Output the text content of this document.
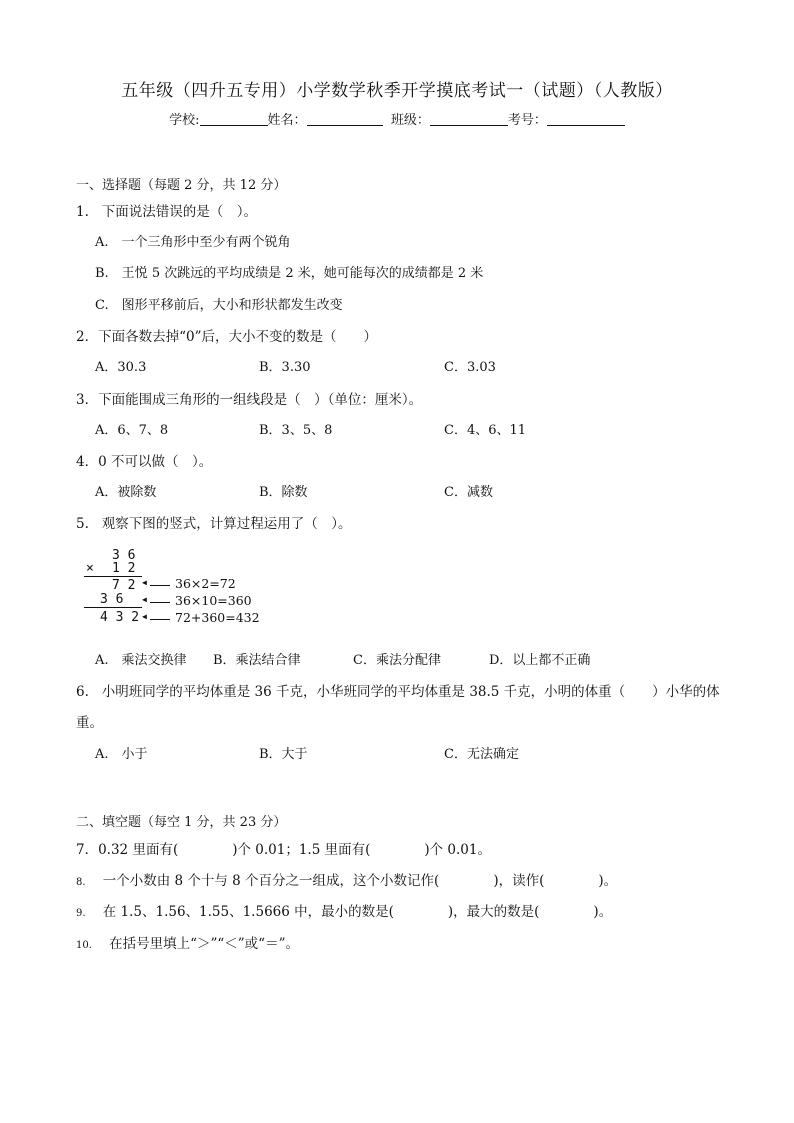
五年级（四升五专用）小学数学秋季开学摸底考试一（试题）（人教版）
学校:	姓名：	班级：	考号：
一、选择题（每题 2 分，共 12 分）
1. 下面说法错误的是（　）。
A.　一个三角形中至少有两个锐角
B.　王悦 5 次跳远的平均成绩是 2 米，她可能每次的成绩都是 2 米
C.　图形平移前后，大小和形状都发生改变
2．下面各数去掉“0”后，大小不变的数是（　　）
A．30.3	B．3.30	C．3.03
3．下面能围成三角形的一组线段是（　）（单位：厘米）。
A．6、7、8	B．3、5、8	C．4、6、11
4．0 不可以做（　）。
A．被除数	B．除数	C．减数
5. 观察下图的竖式，计算过程运用了（　）。
3 6
× 1 2
7 2
3 6
4 3 2
◀ 36×2=72
◀ 36×10=360
◀ 72+360=432
A.　乘法交换律 B．乘法结合律	C．乘法分配律	D．以上都不正确
6. 小明班同学的平均体重是 36 千克，小华班同学的平均体重是 38.5 千克，小明的体重（　　）小华的体
重。
A.　小于	B．大于	C．无法确定
二、填空题（每空 1 分，共 23 分）
7．0.32 里面有(　　　　)个 0.01；1.5 里面有(　　　　)个 0.01。
8. 一个小数由 8 个十与 8 个百分之一组成，这个小数记作(　　　　)，读作(　　　　)。
9. 在 1.5、1.56、1.55、1.5666 中，最小的数是(　　　　)，最大的数是(　　　　)。
10. 在括号里填上“＞”“＜”或“＝”。
